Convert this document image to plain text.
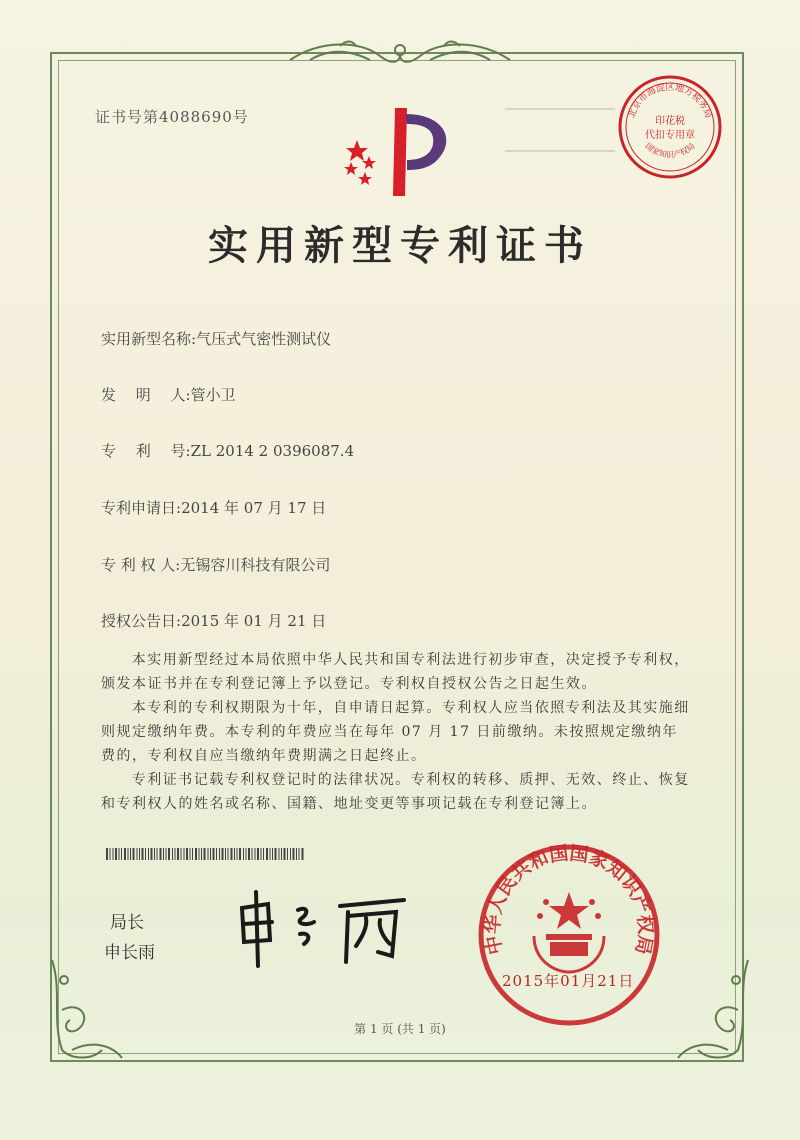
证书号第4088690号	北京市海淀区地方税务局
印花税
代扣专用章
国家知识产权局
实用新型专利证书
实用新型名称:气压式气密性测试仪
发　 明　 人:管小卫
专　 利　 号:ZL 2014 2 0396087.4
专利申请日:2014 年 07 月 17 日
专 利 权 人:无锡容川科技有限公司
授权公告日:2015 年 01 月 21 日

本实用新型经过本局依照中华人民共和国专利法进行初步审查，决定授予专利权，颁发本证书并在专利登记簿上予以登记。专利权自授权公告之日起生效。

本专利的专利权期限为十年，自申请日起算。专利权人应当依照专利法及其实施细则规定缴纳年费。本专利的年费应当在每年 07 月 17 日前缴纳。未按照规定缴纳年费的，专利权自应当缴纳年费期满之日起终止。

专利证书记载专利权登记时的法律状况。专利权的转移、质押、无效、终止、恢复和专利权人的姓名或名称、国籍、地址变更等事项记载在专利登记簿上。

局长
申长雨	中华人民共和国国家知识产权局
2015年01月21日
第 1 页 (共 1 页)
